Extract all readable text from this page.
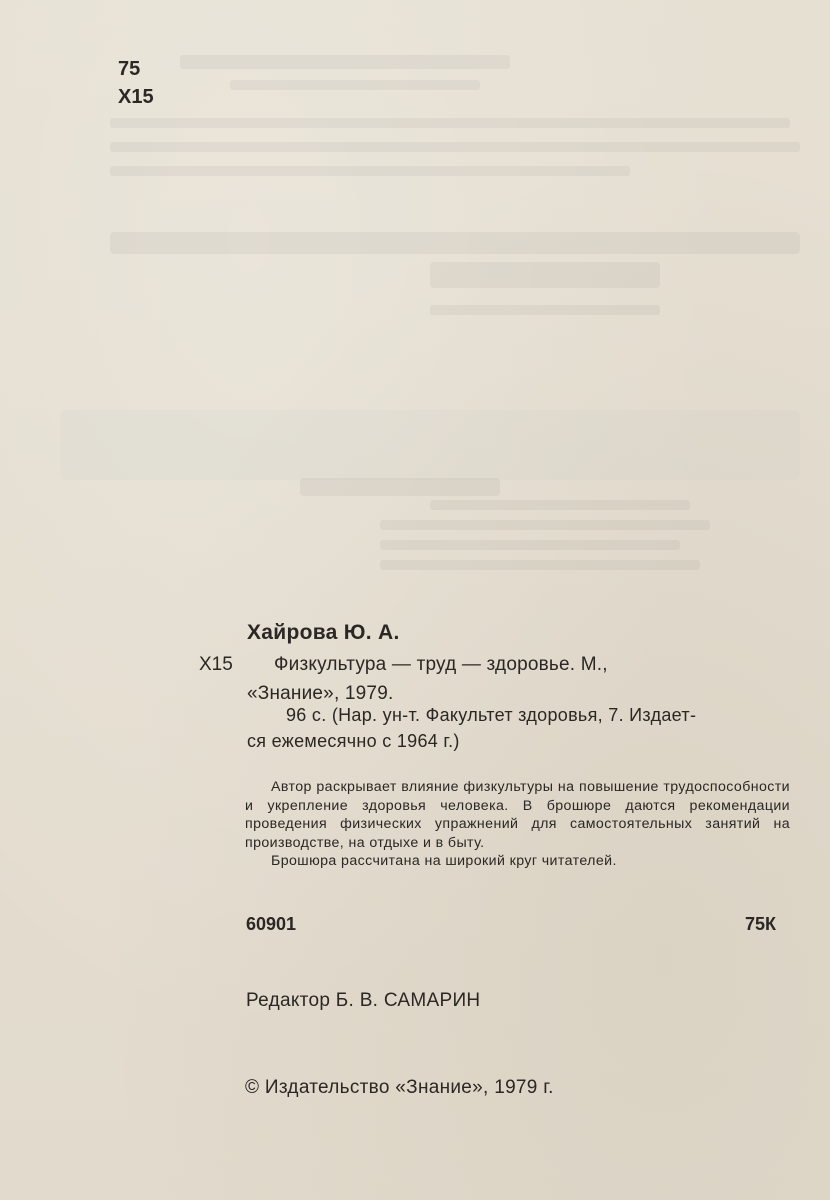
75
Х15
Хайрова Ю. А.
Х15 Физкультура — труд — здоровье. М.,
«Знание», 1979.
96 с. (Нар. ун-т. Факультет здоровья, 7. Издает-
ся ежемесячно с 1964 г.)

Автор раскрывает влияние физкультуры на повышение трудоспособности и укрепление здоровья человека. В брошюре даются рекомендации проведения физических упражнений для самостоятельных занятий на производстве, на отдыхе и в быту.

Брошюра рассчитана на широкий круг читателей.

60901	75К
Редактор Б. В. САМАРИН
© Издательство «Знание», 1979 г.
